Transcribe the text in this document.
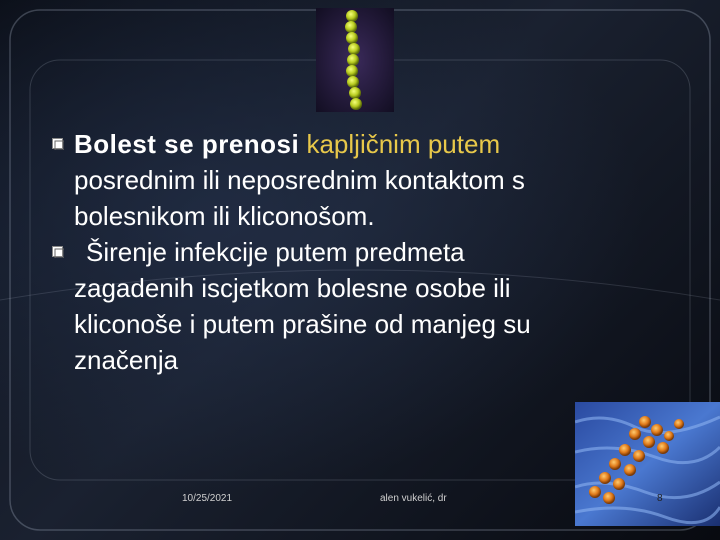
Bolest se prenosi kapljičnim putem
posrednim ili neposrednim kontaktom s
bolesnikom ili kliconošom.
Širenje infekcije putem predmeta
zagadenih iscjetkom bolesne osobe ili
kliconoše i putem prašine od manjeg su
značenja
10/25/2021	alen vukelić, dr	8
